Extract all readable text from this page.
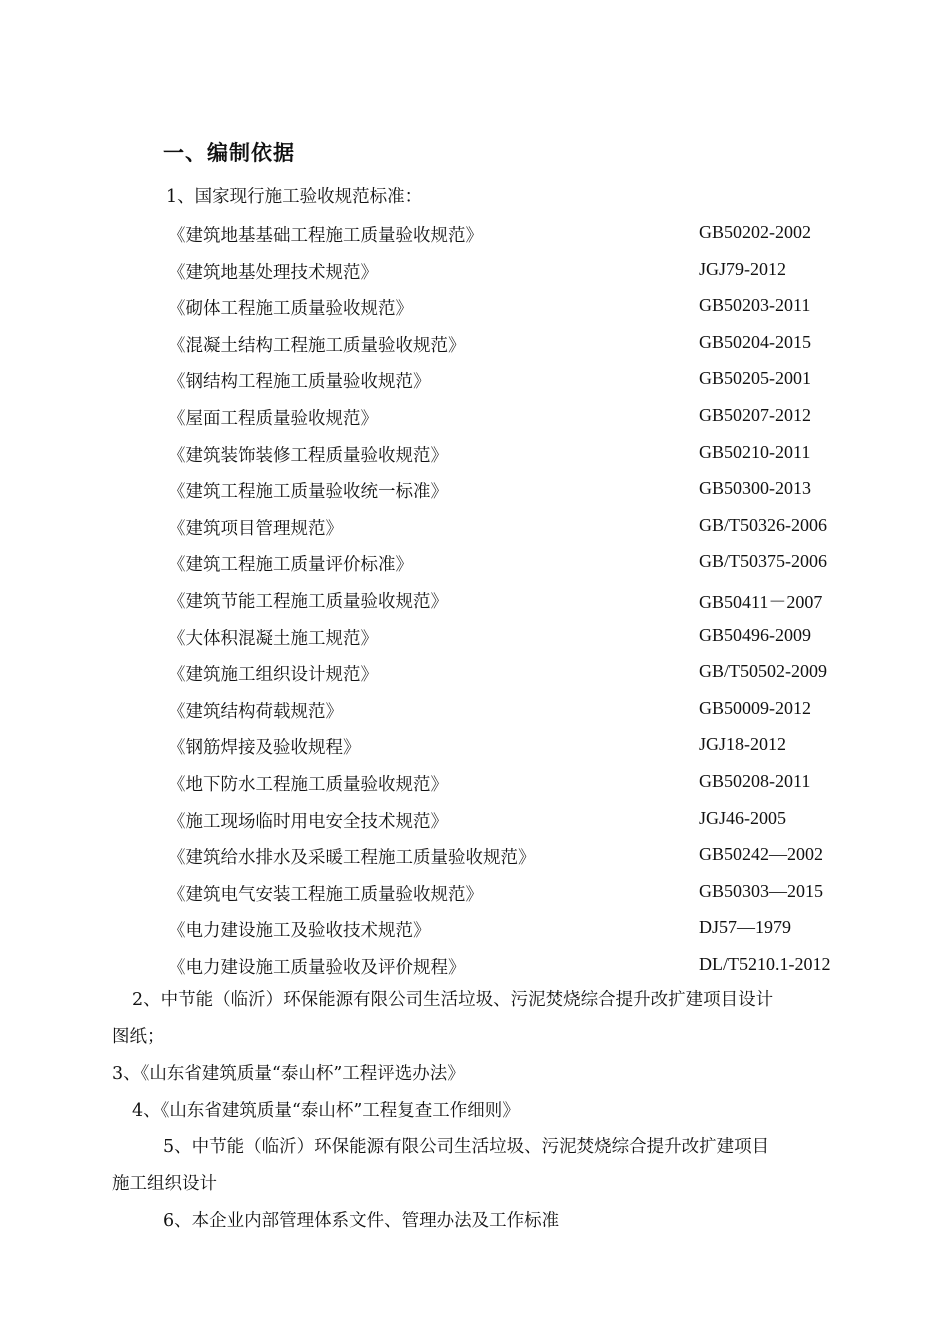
一、编制依据
1、国家现行施工验收规范标准：
《建筑地基基础工程施工质量验收规范》	GB50202-2002
《建筑地基处理技术规范》	JGJ79-2012
《砌体工程施工质量验收规范》	GB50203-2011
《混凝土结构工程施工质量验收规范》	GB50204-2015
《钢结构工程施工质量验收规范》	GB50205-2001
《屋面工程质量验收规范》	GB50207-2012
《建筑装饰装修工程质量验收规范》	GB50210-2011
《建筑工程施工质量验收统一标准》	GB50300-2013
《建筑项目管理规范》	GB/T50326-2006
《建筑工程施工质量评价标准》	GB/T50375-2006
《建筑节能工程施工质量验收规范》	GB50411－2007
《大体积混凝土施工规范》	GB50496-2009
《建筑施工组织设计规范》	GB/T50502-2009
《建筑结构荷载规范》	GB50009-2012
《钢筋焊接及验收规程》	JGJ18-2012
《地下防水工程施工质量验收规范》	GB50208-2011
《施工现场临时用电安全技术规范》	JGJ46-2005
《建筑给水排水及采暖工程施工质量验收规范》	GB50242—2002
《建筑电气安装工程施工质量验收规范》	GB50303—2015
《电力建设施工及验收技术规范》	DJ57—1979
《电力建设施工质量验收及评价规程》	DL/T5210.1-2012
2、中节能（临沂）环保能源有限公司生活垃圾、污泥焚烧综合提升改扩建项目设计
图纸；
3、《山东省建筑质量“泰山杯”工程评选办法》
4、《山东省建筑质量“泰山杯”工程复查工作细则》
5、中节能（临沂）环保能源有限公司生活垃圾、污泥焚烧综合提升改扩建项目
施工组织设计
6、本企业内部管理体系文件、管理办法及工作标准
